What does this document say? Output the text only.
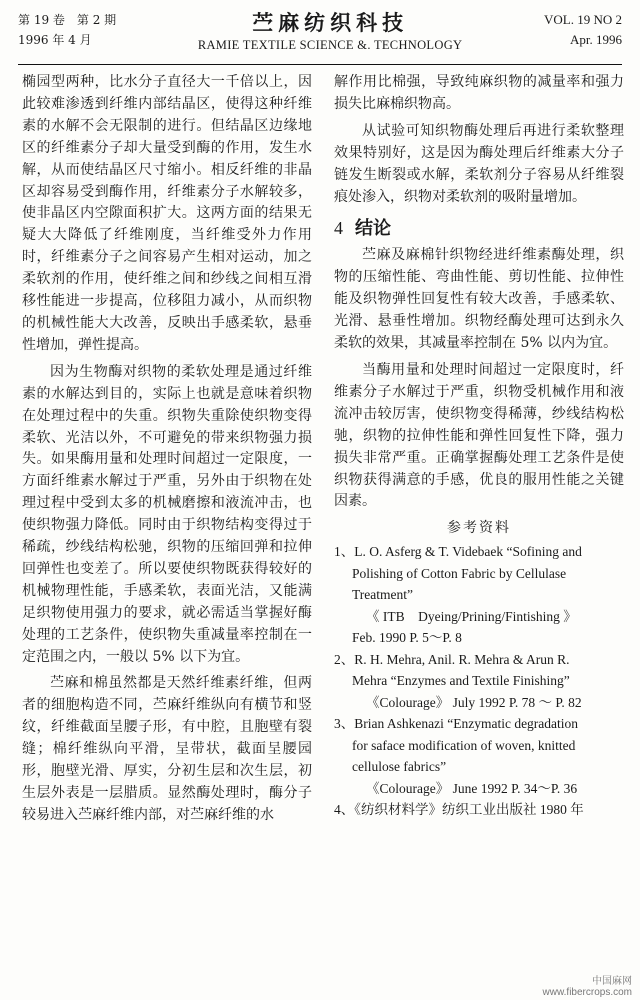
第 19 卷　第 2 期
1996 年 4 月
苎麻纺织科技
RAMIE TEXTILE SCIENCE &. TECHNOLOGY
VOL. 19 NO 2
Apr. 1996

椭园型两种，比水分子直径大一千倍以上，因此较难渗透到纤维内部结晶区，使得这种纤维素的水解不会无限制的进行。但结晶区边缘地区的纤维素分子却大量受到酶的作用，发生水解，从而使结晶区尺寸缩小。相反纤维的非晶区却容易受到酶作用，纤维素分子水解较多，使非晶区内空隙面积扩大。这两方面的结果无疑大大降低了纤维刚度，当纤维受外力作用时，纤维素分子之间容易产生相对运动，加之柔软剂的作用，使纤维之间和纱线之间相互滑移性能进一步提高，位移阻力减小，从而织物的机械性能大大改善，反映出手感柔软，悬垂性增加，弹性提高。

因为生物酶对织物的柔软处理是通过纤维素的水解达到目的，实际上也就是意味着织物在处理过程中的失重。织物失重除使织物变得柔软、光洁以外，不可避免的带来织物强力损失。如果酶用量和处理时间超过一定限度，一方面纤维素水解过于严重，另外由于织物在处理过程中受到太多的机械磨擦和液流冲击，也使织物强力降低。同时由于织物结构变得过于稀疏，纱线结构松驰，织物的压缩回弹和拉伸回弹性也变差了。所以要使织物既获得较好的机械物理性能，手感柔软，表面光洁，又能满足织物使用强力的要求，就必需适当掌握好酶处理的工艺条件，使织物失重减量率控制在一定范围之内，一般以 5% 以下为宜。

苎麻和棉虽然都是天然纤维素纤维，但两者的细胞构造不同，苎麻纤维纵向有横节和竖纹，纤维截面呈腰子形，有中腔，且胞壁有裂缝；棉纤维纵向平滑，呈带状，截面呈腰园形，胞壁光滑、厚实，分初生层和次生层，初生层外表是一层腊质。显然酶处理时，酶分子较易进入苎麻纤维内部，对苎麻纤维的水

解作用比棉强，导致纯麻织物的减量率和强力损失比麻棉织物高。

从试验可知织物酶处理后再进行柔软整理效果特别好，这是因为酶处理后纤维素大分子链发生断裂或水解，柔软剂分子容易从纤维裂痕处渗入，织物对柔软剂的吸附量增加。

4 结论

苎麻及麻棉针织物经进纤维素酶处理，织物的压缩性能、弯曲性能、剪切性能、拉伸性能及织物弹性回复性有较大改善，手感柔软、光滑、悬垂性增加。织物经酶处理可达到永久柔软的效果，其减量率控制在 5% 以内为宜。

当酶用量和处理时间超过一定限度时，纤维素分子水解过于严重，织物受机械作用和液流冲击较厉害，使织物变得稀薄，纱线结构松驰，织物的拉伸性能和弹性回复性下降，强力损失非常严重。正确掌握酶处理工艺条件是使织物获得满意的手感，优良的服用性能之关键因素。

参考资料
1、L. O. Asferg & T. Videbaek “Sofining and
Polishing of Cotton Fabric by Cellulase
Treatment”
《 ITB　Dyeing/Prining/Fintishing 》
Feb. 1990 P. 5～P. 8
2、R. H. Mehra, Anil. R. Mehra & Arun R.
Mehra “Enzymes and Textile Finishing”
《Colourage》 July 1992 P. 78 ～ P. 82
3、Brian Ashkenazi “Enzymatic degradation
for saface modification of woven, knitted
cellulose fabrics”
《Colourage》 June 1992 P. 34～P. 36
4、《纺织材料学》纺织工业出版社 1980 年
中国麻网
www.fibercrops.com
